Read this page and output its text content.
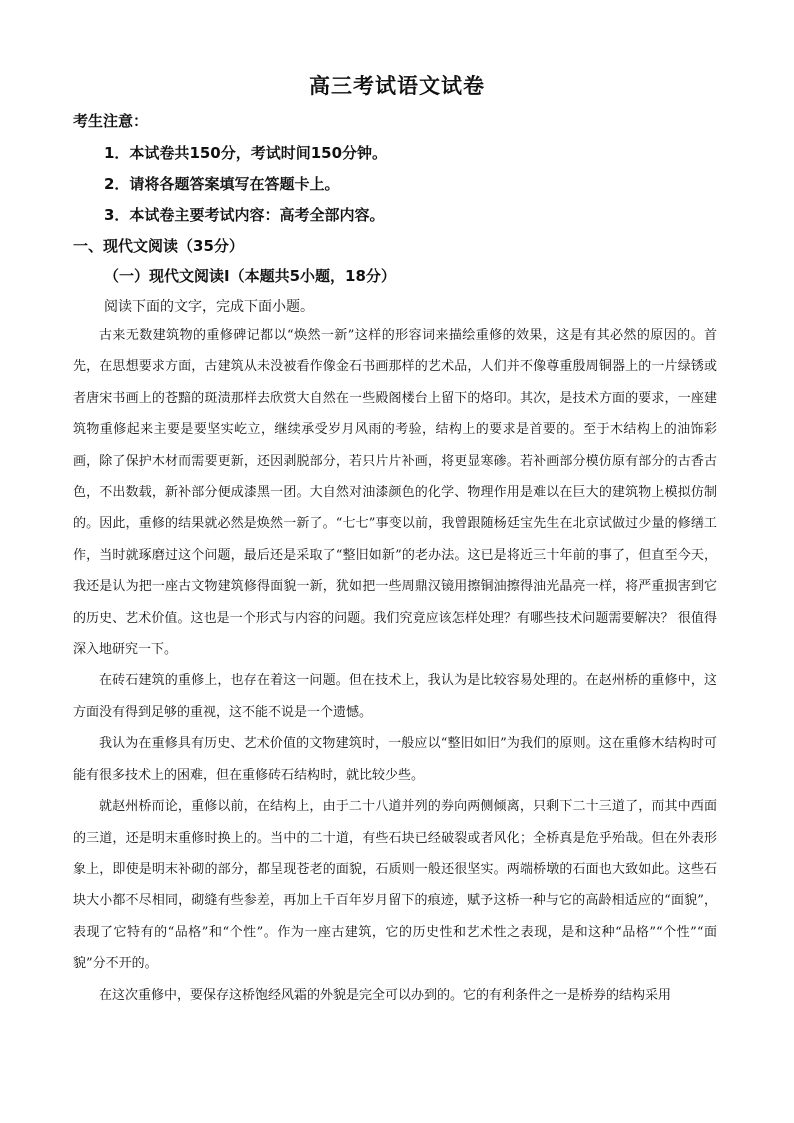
高三考试语文试卷
考生注意：
1．本试卷共150分，考试时间150分钟。
2．请将各题答案填写在答题卡上。
3．本试卷主要考试内容：高考全部内容。
一、现代文阅读（35分）
（一）现代文阅读Ⅰ（本题共5小题，18分）
阅读下面的文字，完成下面小题。

古来无数建筑物的重修碑记都以“焕然一新”这样的形容词来描绘重修的效果，这是有其必然的原因的。首先，在思想要求方面，古建筑从未没被看作像金石书画那样的艺术品，人们并不像尊重殷周铜器上的一片绿锈或者唐宋书画上的苍黯的斑渍那样去欣赏大自然在一些殿阁楼台上留下的烙印。其次，是技术方面的要求，一座建筑物重修起来主要是要坚实屹立，继续承受岁月风雨的考验，结构上的要求是首要的。至于木结构上的油饰彩画，除了保护木材而需要更新，还因剥脱部分，若只片片补画，将更显寒碜。若补画部分模仿原有部分的古香古色，不出数载，新补部分便成漆黑一团。大自然对油漆颜色的化学、物理作用是难以在巨大的建筑物上模拟仿制的。因此，重修的结果就必然是焕然一新了。“七七”事变以前，我曾跟随杨廷宝先生在北京试做过少量的修缮工作，当时就琢磨过这个问题，最后还是采取了“整旧如新”的老办法。这已是将近三十年前的事了，但直至今天，我还是认为把一座古文物建筑修得面貌一新，犹如把一些周鼎汉镜用擦铜油擦得油光晶亮一样，将严重损害到它的历史、艺术价值。这也是一个形式与内容的问题。我们究竟应该怎样处理？有哪些技术问题需要解决？ 很值得深入地研究一下。

在砖石建筑的重修上，也存在着这一问题。但在技术上，我认为是比较容易处理的。在赵州桥的重修中，这方面没有得到足够的重视，这不能不说是一个遗憾。

我认为在重修具有历史、艺术价值的文物建筑时，一般应以“整旧如旧”为我们的原则。这在重修木结构时可能有很多技术上的困难，但在重修砖石结构时，就比较少些。

就赵州桥而论，重修以前，在结构上，由于二十八道并列的券向两侧倾离，只剩下二十三道了，而其中西面的三道，还是明末重修时换上的。当中的二十道，有些石块已经破裂或者风化；全桥真是危乎殆哉。但在外表形象上，即使是明末补砌的部分，都呈现苍老的面貌，石质则一般还很坚实。两端桥墩的石面也大致如此。这些石块大小都不尽相同，砌缝有些参差，再加上千百年岁月留下的痕迹，赋予这桥一种与它的高龄相适应的“面貌”，表现了它特有的“品格”和“个性”。作为一座古建筑，它的历史性和艺术性之表现，是和这种“品格”“个性”“面貌”分不开的。

在这次重修中，要保存这桥饱经风霜的外貌是完全可以办到的。它的有利条件之一是桥券的结构采用
